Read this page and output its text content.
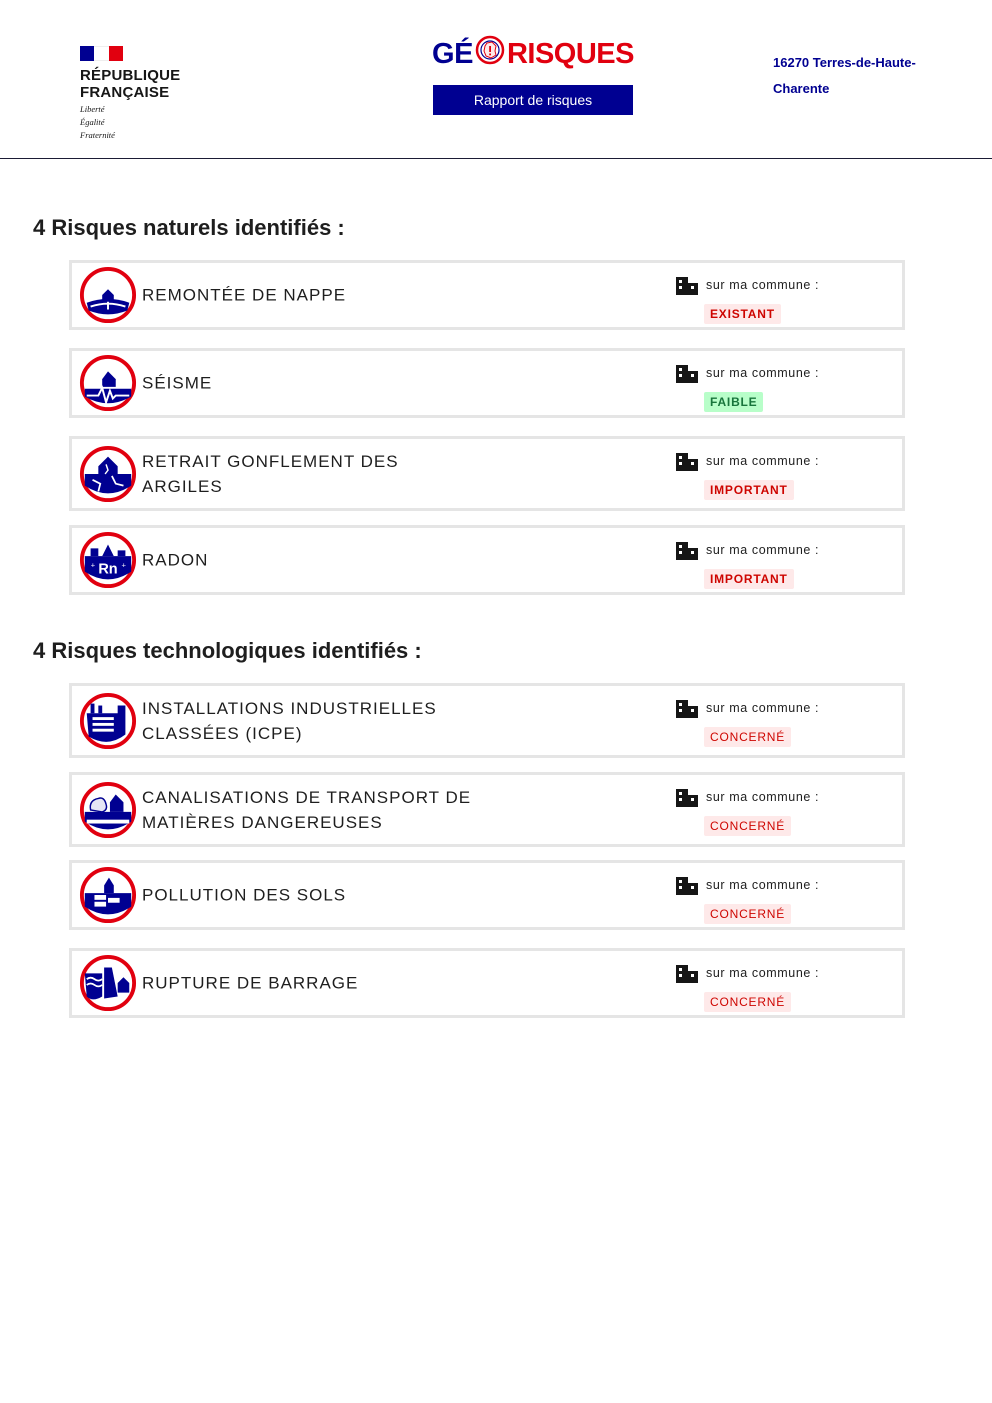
RÉPUBLIQUE
FRANÇAISE
Liberté
Égalité
Fraternité
GÉ RISQUES
Rapport de risques
16270 Terres-de-Haute-
Charente
4 Risques naturels identifiés :
REMONTÉE DE NAPPE
sur ma commune :
EXISTANT
SÉISME
sur ma commune :
FAIBLE
RETRAIT GONFLEMENT DES ARGILES
sur ma commune :
IMPORTANT
Rn
+	+ RADON
sur ma commune :
IMPORTANT
4 Risques technologiques identifiés :
INSTALLATIONS INDUSTRIELLES CLASSÉES (ICPE)
sur ma commune :
CONCERNÉ
CANALISATIONS DE TRANSPORT DE MATIÈRES DANGEREUSES
sur ma commune :
CONCERNÉ
POLLUTION DES SOLS
sur ma commune :
CONCERNÉ
RUPTURE DE BARRAGE
sur ma commune :
CONCERNÉ
